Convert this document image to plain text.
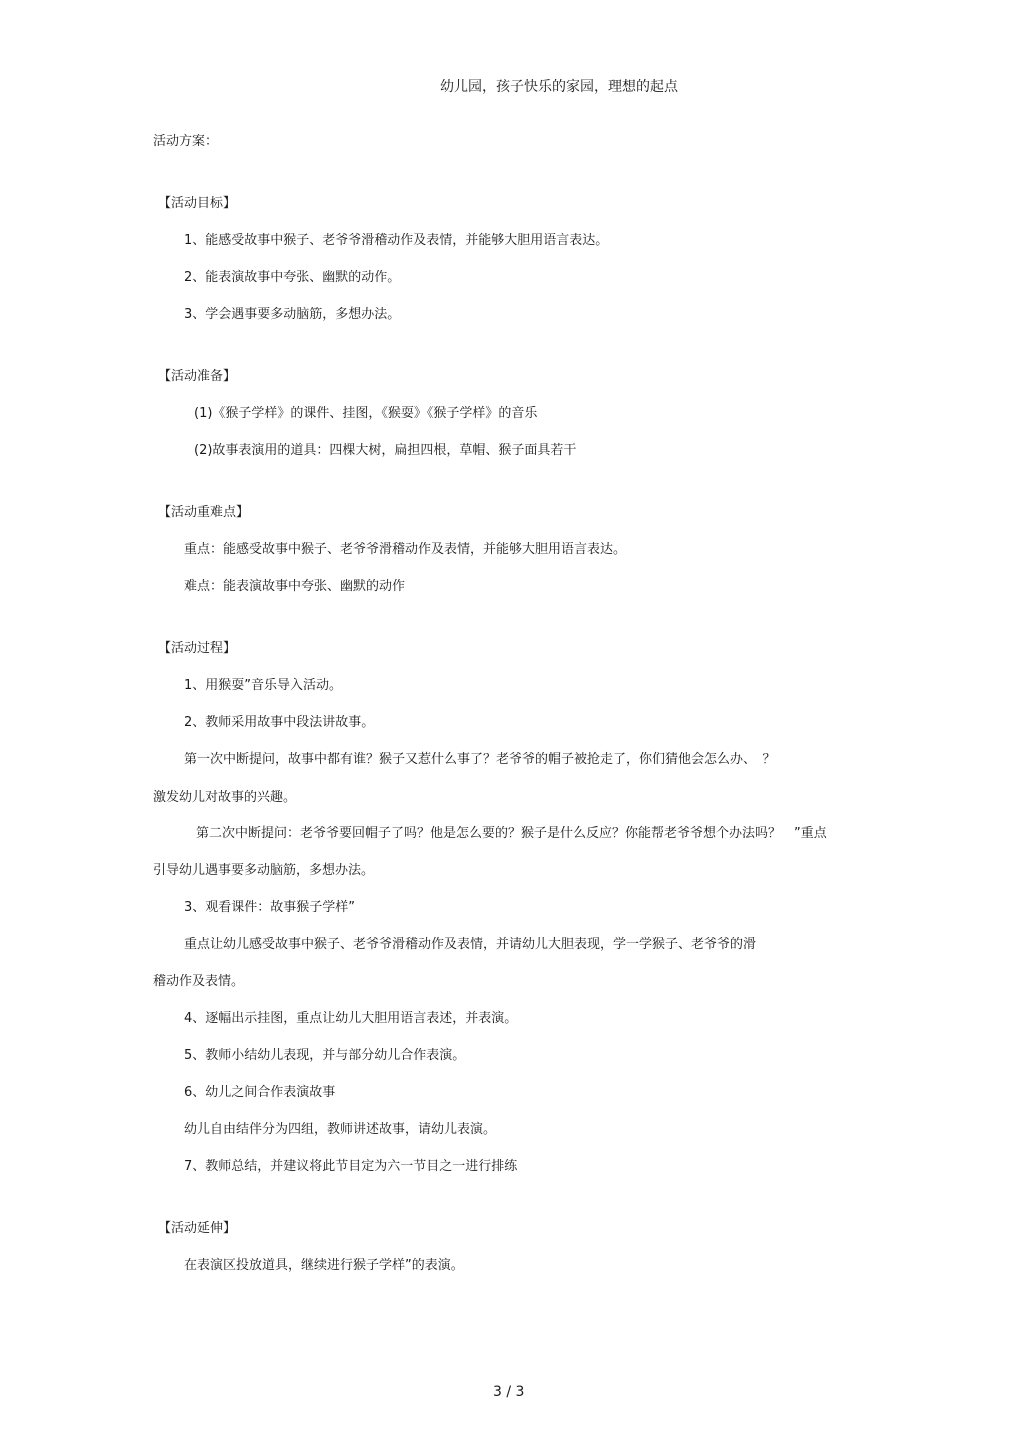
幼儿园，孩子快乐的家园，理想的起点
活动方案：
【活动目标】
1、能感受故事中猴子、老爷爷滑稽动作及表情，并能够大胆用语言表达。
2、能表演故事中夸张、幽默的动作。
3、学会遇事要多动脑筋，多想办法。
【活动准备】
(1)《猴子学样》的课件、挂图，《猴耍》《猴子学样》的音乐
(2)故事表演用的道具：四棵大树，扁担四根，草帽、猴子面具若干
【活动重难点】
重点：能感受故事中猴子、老爷爷滑稽动作及表情，并能够大胆用语言表达。
难点：能表演故事中夸张、幽默的动作
【活动过程】
1、用猴耍”音乐导入活动。
2、教师采用故事中段法讲故事。
第一次中断提问，故事中都有谁？猴子又惹什么事了？老爷爷的帽子被抢走了，你们猜他会怎么办、　？
激发幼儿对故事的兴趣。
第二次中断提问：老爷爷要回帽子了吗？他是怎么要的？猴子是什么反应？你能帮老爷爷想个办法吗？　”重点
引导幼儿遇事要多动脑筋，多想办法。
3、观看课件：故事猴子学样”
重点让幼儿感受故事中猴子、老爷爷滑稽动作及表情，并请幼儿大胆表现，学一学猴子、老爷爷的滑
稽动作及表情。
4、逐幅出示挂图，重点让幼儿大胆用语言表述，并表演。
5、教师小结幼儿表现，并与部分幼儿合作表演。
6、幼儿之间合作表演故事
幼儿自由结伴分为四组，教师讲述故事，请幼儿表演。
7、教师总结，并建议将此节目定为六一节目之一进行排练
【活动延伸】
在表演区投放道具，继续进行猴子学样”的表演。
3 / 3
